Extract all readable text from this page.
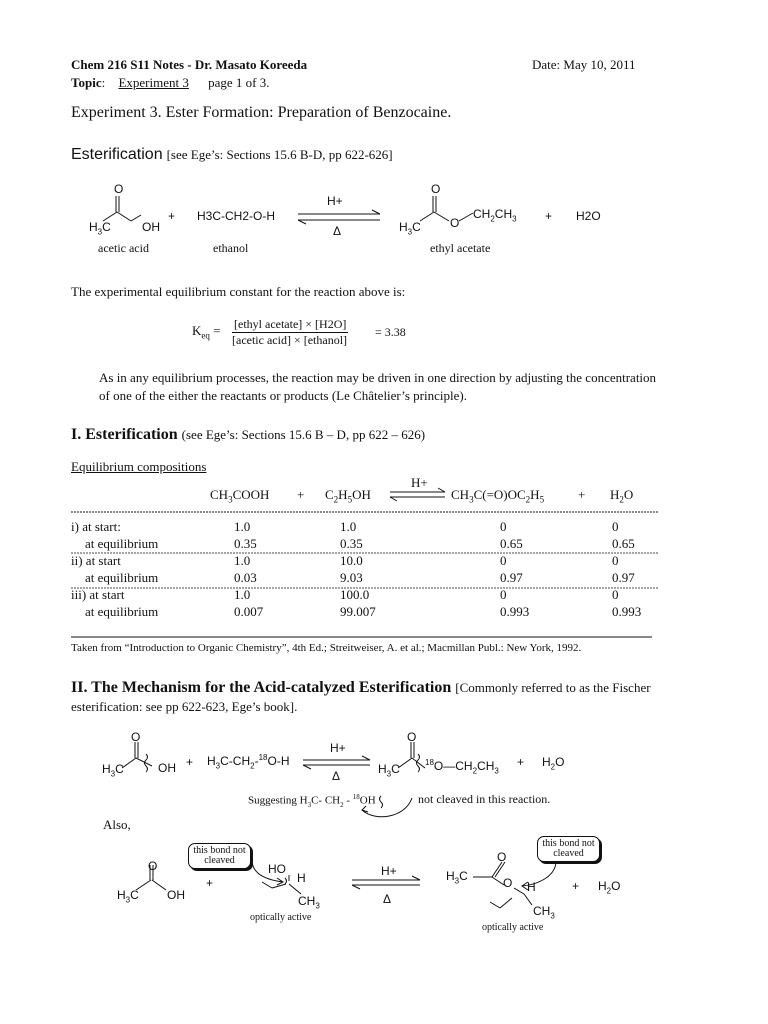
Chem 216 S11 Notes - Dr. Masato Koreeda	Date: May 10, 2011
Topic: Experiment 3 page 1 of 3.
Experiment 3. Ester Formation: Preparation of Benzocaine.
Esterification [see Ege’s: Sections 15.6 B-D, pp 622-626]
O
$H_3C$	OH
acetic acid
+ H3C-CH2-O-H
ethanol
H+
Δ
O
$H_3C$ O
$CH_2CH_3$
ethyl acetate
+ H2O
The experimental equilibrium constant for the reaction above is:
$K_{eq}$ = [ethyl acetate] × [H2O]
[acetic acid] × [ethanol]
= 3.38
As in any equilibrium processes, the reaction may be driven in one direction by adjusting the concentration of one of the either the reactants or products (Le Châtelier’s principle).
I. Esterification (see Ege’s: Sections 15.6 B – D, pp 622 – 626)
Equilibrium compositions
H+
$CH_3COOH + C_2H_5OH$	$CH_3C(=O)OC_2H_5$	+ $H_2O$
i) at start:	1.0	1.0	0	0
at equilibrium	0.35	0.35	0.65	0.65
ii) at start	1.0	10.0	0	0
at equilibrium	0.03	9.03	0.97	0.97
iii) at start	1.0	100.0	0	0
at equilibrium	0.007	99.007	0.993	0.993
Taken from “Introduction to Organic Chemistry”, 4th Ed.; Streitweiser, A. et al.; Macmillan Publ.: New York, 1992.
II. The Mechanism for the Acid-catalyzed Esterification [Commonly referred to as the Fischer esterification: see pp 622-623, Ege’s book].
O
$H_3C$	OH + $H_3C-CH_2-^{18}O-H$
H+
Δ
O
$H_3C$	$^{18}O—CH_2CH_3$
+ $H_2O$
Suggesting $H_3C-$ $CH_2 - ^{18}OH$	not cleaved in this reaction.
Also,
this bond not cleaved
O
$H_3C$ OH
+
HO
H
$CH_3$
optically active
H+
Δ
this bond not cleaved
O
$H_3C$	O H
$CH_3$
+ $H_2O$
optically active
